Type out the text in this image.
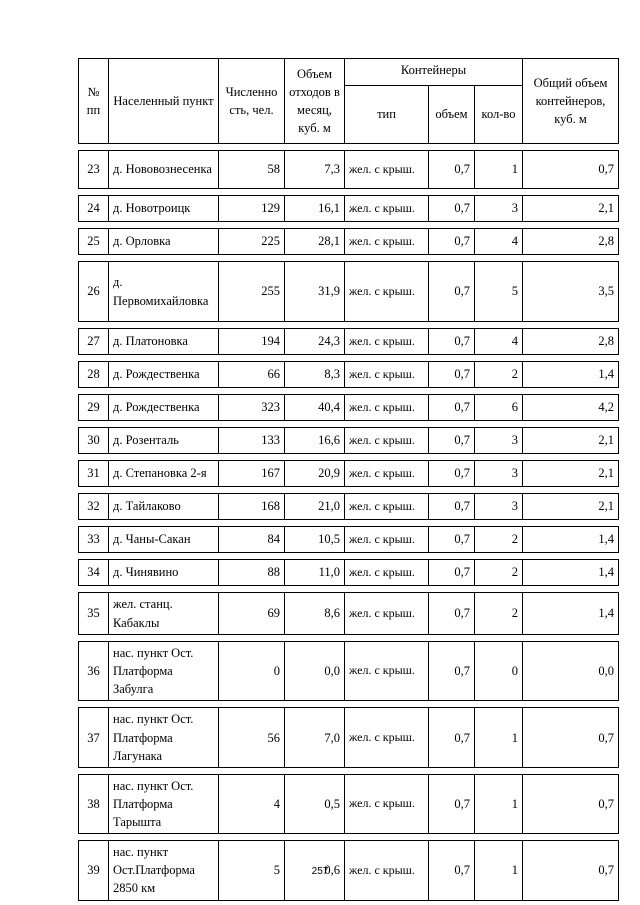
№ пп	Населенный пункт	Численно сть, чел.	Объем отходов в месяц, куб. м	Контейнеры			Общий объем контейнеров, куб. м
				тип	объем	кол-во	

23	д. Нововознесенка	58	7,3	жел. с крыш.	0,7	1	0,7

24	д. Новотроицк	129	16,1	жел. с крыш.	0,7	3	2,1

25	д. Орловка	225	28,1	жел. с крыш.	0,7	4	2,8

26	д. Первомихайловка	255	31,9	жел. с крыш.	0,7	5	3,5

27	д. Платоновка	194	24,3	жел. с крыш.	0,7	4	2,8

28	д. Рождественка	66	8,3	жел. с крыш.	0,7	2	1,4

29	д. Рождественка	323	40,4	жел. с крыш.	0,7	6	4,2

30	д. Розенталь	133	16,6	жел. с крыш.	0,7	3	2,1

31	д. Степановка 2-я	167	20,9	жел. с крыш.	0,7	3	2,1

32	д. Тайлаково	168	21,0	жел. с крыш.	0,7	3	2,1

33	д. Чаны-Сакан	84	10,5	жел. с крыш.	0,7	2	1,4

34	д. Чинявино	88	11,0	жел. с крыш.	0,7	2	1,4

35	жел. станц. Кабаклы	69	8,6	жел. с крыш.	0,7	2	1,4

36	нас. пункт Ост. Платформа Забулга	0	0,0	жел. с крыш.	0,7	0	0,0

37	нас. пункт Ост. Платформа Лагунака	56	7,0	жел. с крыш.	0,7	1	0,7

38	нас. пункт Ост. Платформа Тарыштa	4	0,5	жел. с крыш.	0,7	1	0,7

39	нас. пункт Ост.Платформа 2850 км	5	0,6	жел. с крыш.	0,7	1	0,7
257
